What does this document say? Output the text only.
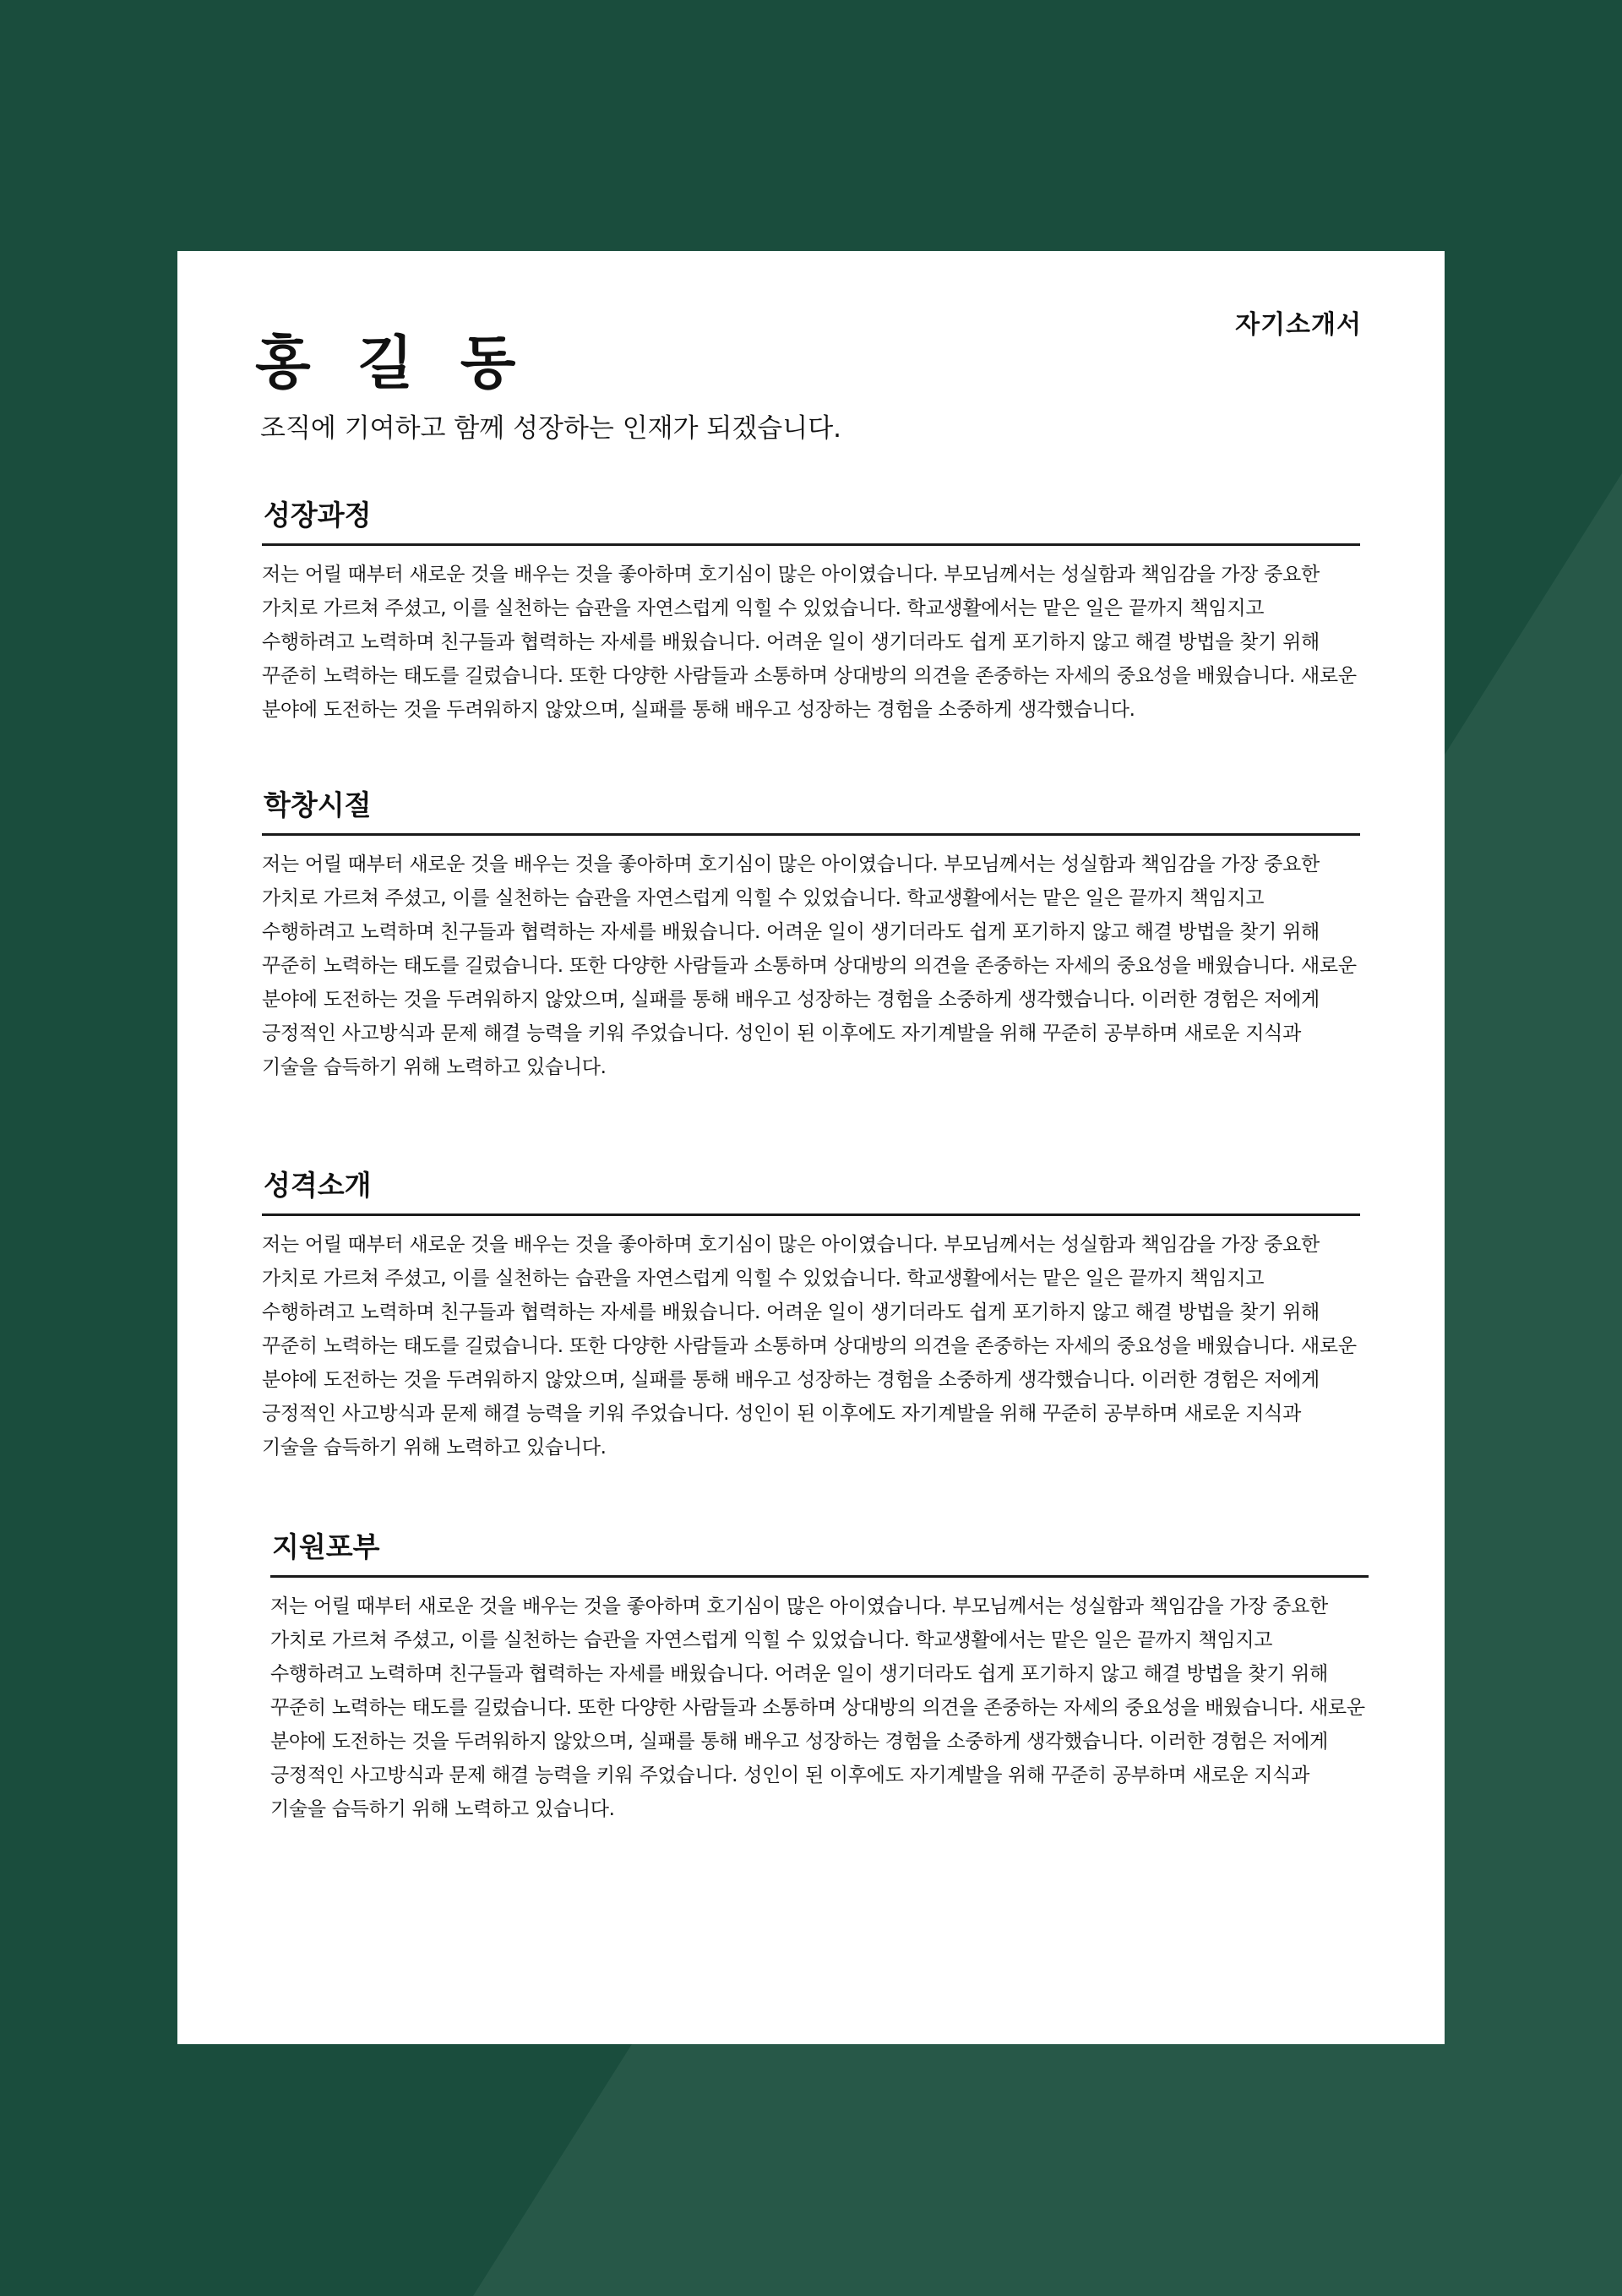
자기소개서
홍 길 동
조직에 기여하고 함께 성장하는 인재가 되겠습니다.
성장과정

저는 어릴 때부터 새로운 것을 배우는 것을 좋아하며 호기심이 많은 아이였습니다. 부모님께서는 성실함과 책임감을 가장 중요한 가치로 가르쳐 주셨고, 이를 실천하는 습관을 자연스럽게 익힐 수 있었습니다. 학교생활에서는 맡은 일은 끝까지 책임지고 수행하려고 노력하며 친구들과 협력하는 자세를 배웠습니다. 어려운 일이 생기더라도 쉽게 포기하지 않고 해결 방법을 찾기 위해 꾸준히 노력하는 태도를 길렀습니다. 또한 다양한 사람들과 소통하며 상대방의 의견을 존중하는 자세의 중요성을 배웠습니다. 새로운 분야에 도전하는 것을 두려워하지 않았으며, 실패를 통해 배우고 성장하는 경험을 소중하게 생각했습니다.

학창시절

저는 어릴 때부터 새로운 것을 배우는 것을 좋아하며 호기심이 많은 아이였습니다. 부모님께서는 성실함과 책임감을 가장 중요한 가치로 가르쳐 주셨고, 이를 실천하는 습관을 자연스럽게 익힐 수 있었습니다. 학교생활에서는 맡은 일은 끝까지 책임지고 수행하려고 노력하며 친구들과 협력하는 자세를 배웠습니다. 어려운 일이 생기더라도 쉽게 포기하지 않고 해결 방법을 찾기 위해 꾸준히 노력하는 태도를 길렀습니다. 또한 다양한 사람들과 소통하며 상대방의 의견을 존중하는 자세의 중요성을 배웠습니다. 새로운 분야에 도전하는 것을 두려워하지 않았으며, 실패를 통해 배우고 성장하는 경험을 소중하게 생각했습니다. 이러한 경험은 저에게 긍정적인 사고방식과 문제 해결 능력을 키워 주었습니다. 성인이 된 이후에도 자기계발을 위해 꾸준히 공부하며 새로운 지식과 기술을 습득하기 위해 노력하고 있습니다.

성격소개

저는 어릴 때부터 새로운 것을 배우는 것을 좋아하며 호기심이 많은 아이였습니다. 부모님께서는 성실함과 책임감을 가장 중요한 가치로 가르쳐 주셨고, 이를 실천하는 습관을 자연스럽게 익힐 수 있었습니다. 학교생활에서는 맡은 일은 끝까지 책임지고 수행하려고 노력하며 친구들과 협력하는 자세를 배웠습니다. 어려운 일이 생기더라도 쉽게 포기하지 않고 해결 방법을 찾기 위해 꾸준히 노력하는 태도를 길렀습니다. 또한 다양한 사람들과 소통하며 상대방의 의견을 존중하는 자세의 중요성을 배웠습니다. 새로운 분야에 도전하는 것을 두려워하지 않았으며, 실패를 통해 배우고 성장하는 경험을 소중하게 생각했습니다. 이러한 경험은 저에게 긍정적인 사고방식과 문제 해결 능력을 키워 주었습니다. 성인이 된 이후에도 자기계발을 위해 꾸준히 공부하며 새로운 지식과 기술을 습득하기 위해 노력하고 있습니다.

지원포부

저는 어릴 때부터 새로운 것을 배우는 것을 좋아하며 호기심이 많은 아이였습니다. 부모님께서는 성실함과 책임감을 가장 중요한 가치로 가르쳐 주셨고, 이를 실천하는 습관을 자연스럽게 익힐 수 있었습니다. 학교생활에서는 맡은 일은 끝까지 책임지고 수행하려고 노력하며 친구들과 협력하는 자세를 배웠습니다. 어려운 일이 생기더라도 쉽게 포기하지 않고 해결 방법을 찾기 위해 꾸준히 노력하는 태도를 길렀습니다. 또한 다양한 사람들과 소통하며 상대방의 의견을 존중하는 자세의 중요성을 배웠습니다. 새로운 분야에 도전하는 것을 두려워하지 않았으며, 실패를 통해 배우고 성장하는 경험을 소중하게 생각했습니다. 이러한 경험은 저에게 긍정적인 사고방식과 문제 해결 능력을 키워 주었습니다. 성인이 된 이후에도 자기계발을 위해 꾸준히 공부하며 새로운 지식과 기술을 습득하기 위해 노력하고 있습니다.
